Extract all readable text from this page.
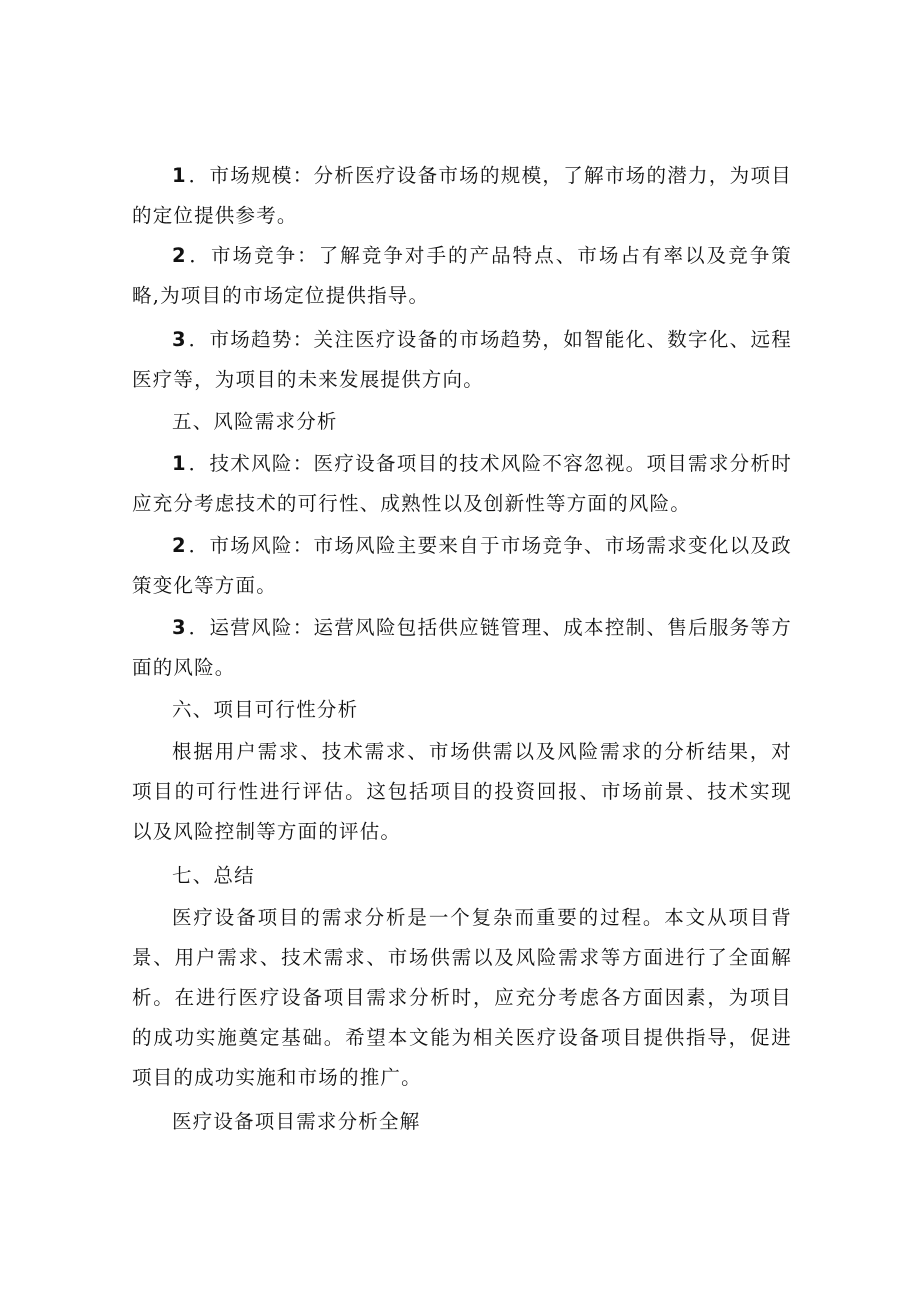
1．市场规模：分析医疗设备市场的规模，了解市场的潜力，为项目的定位提供参考。

2．市场竞争：了解竞争对手的产品特点、市场占有率以及竞争策略,为项目的市场定位提供指导。

3．市场趋势：关注医疗设备的市场趋势，如智能化、数字化、远程医疗等，为项目的未来发展提供方向。

五、风险需求分析

1．技术风险：医疗设备项目的技术风险不容忽视。项目需求分析时应充分考虑技术的可行性、成熟性以及创新性等方面的风险。

2．市场风险：市场风险主要来自于市场竞争、市场需求变化以及政策变化等方面。

3．运营风险：运营风险包括供应链管理、成本控制、售后服务等方面的风险。

六、项目可行性分析

根据用户需求、技术需求、市场供需以及风险需求的分析结果，对项目的可行性进行评估。这包括项目的投资回报、市场前景、技术实现以及风险控制等方面的评估。

七、总结

医疗设备项目的需求分析是一个复杂而重要的过程。本文从项目背景、用户需求、技术需求、市场供需以及风险需求等方面进行了全面解析。在进行医疗设备项目需求分析时，应充分考虑各方面因素，为项目的成功实施奠定基础。希望本文能为相关医疗设备项目提供指导，促进项目的成功实施和市场的推广。

医疗设备项目需求分析全解
